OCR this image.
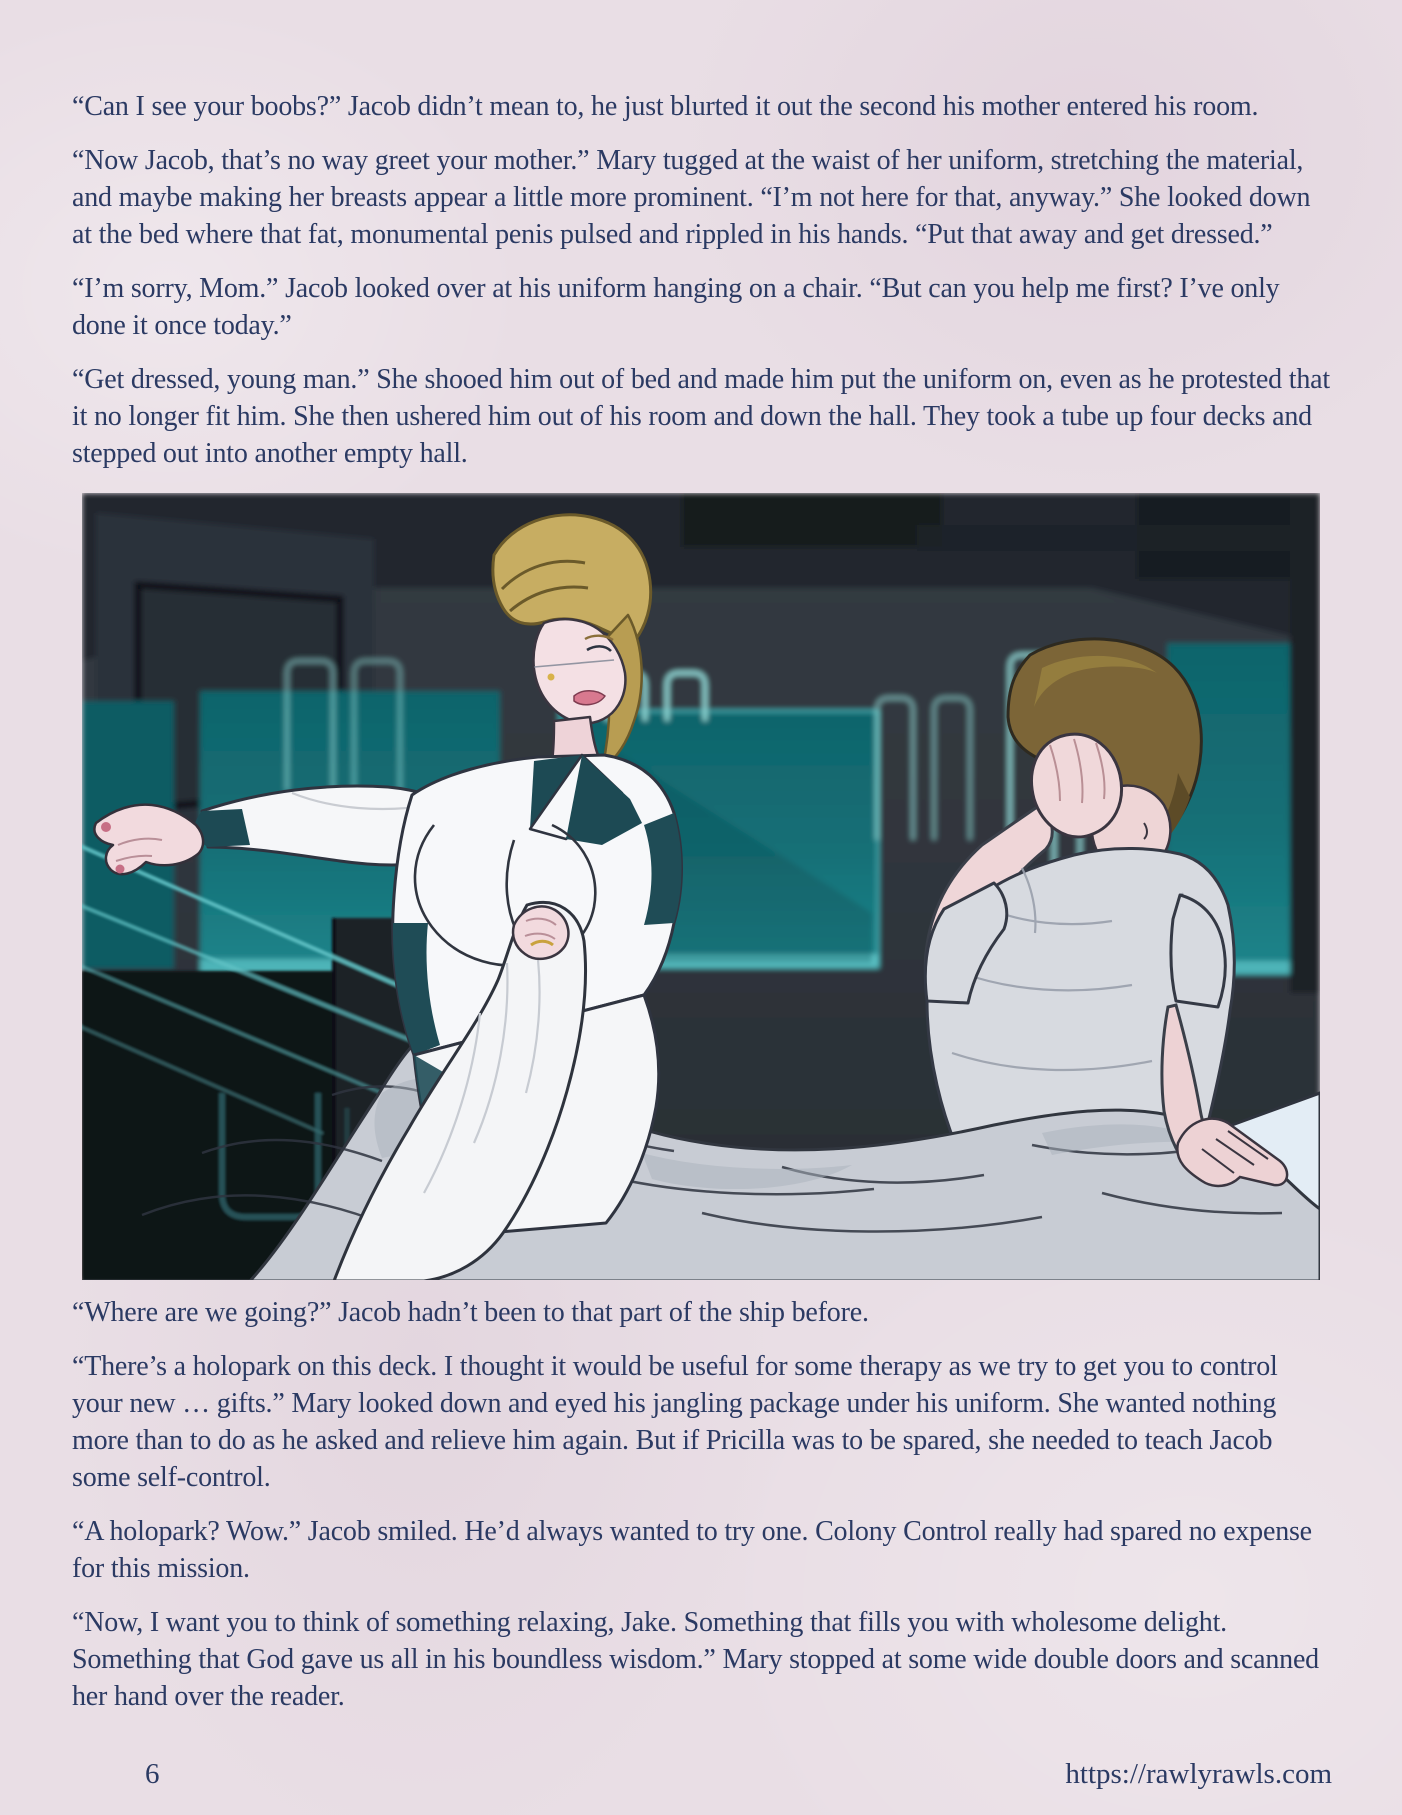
“Can I see your boobs?” Jacob didn’t mean to, he just blurted it out the second his mother entered his room.

“Now Jacob, that’s no way greet your mother.” Mary tugged at the waist of her uniform, stretching the material, and maybe making her breasts appear a little more prominent. “I’m not here for that, anyway.” She looked down at the bed where that fat, monumental penis pulsed and rippled in his hands. “Put that away and get dressed.”

“I’m sorry, Mom.” Jacob looked over at his uniform hanging on a chair. “But can you help me first? I’ve only done it once today.”

“Get dressed, young man.” She shooed him out of bed and made him put the uniform on, even as he protested that it no longer fit him. She then ushered him out of his room and down the hall. They took a tube up four decks and stepped out into another empty hall.

“Where are we going?” Jacob hadn’t been to that part of the ship before.

“There’s a holopark on this deck. I thought it would be useful for some therapy as we try to get you to control your new … gifts.” Mary looked down and eyed his jangling package under his uniform. She wanted nothing more than to do as he asked and relieve him again. But if Pricilla was to be spared, she needed to teach Jacob some self-control.

“A holopark? Wow.” Jacob smiled. He’d always wanted to try one. Colony Control really had spared no expense for this mission.

“Now, I want you to think of something relaxing, Jake. Something that fills you with wholesome delight. Something that God gave us all in his boundless wisdom.” Mary stopped at some wide double doors and scanned her hand over the reader.

6	https://rawlyrawls.com
